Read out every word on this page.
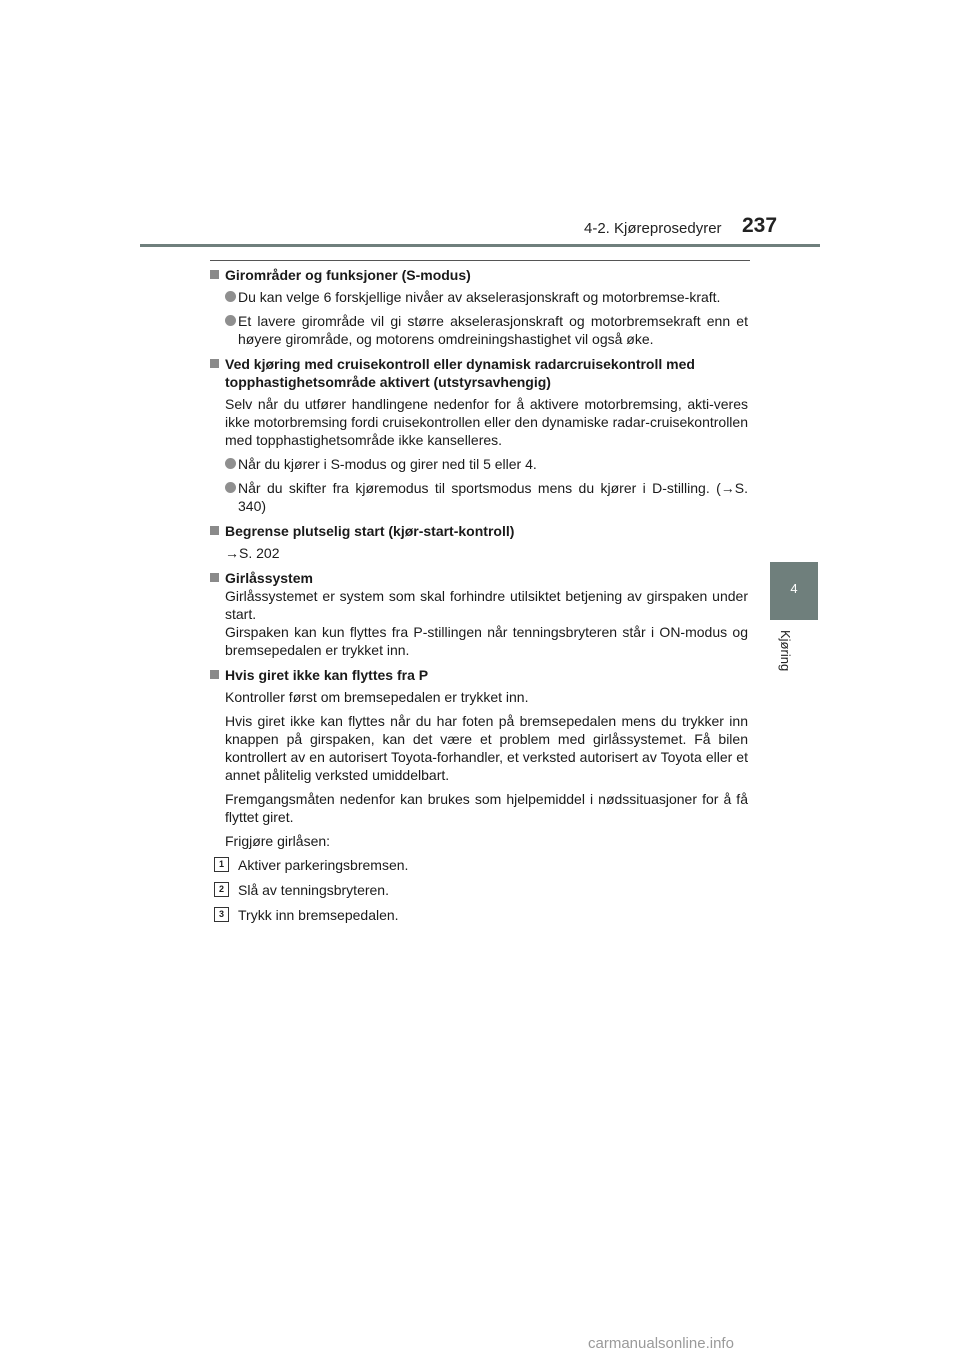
4-2. Kjøreprosedyrer 237
4
Kjøring
Girområder og funksjoner (S-modus)
Du kan velge 6 forskjellige nivåer av akselerasjonskraft og motorbremse-kraft.
Et lavere girområde vil gi større akselerasjonskraft og motorbremsekraft enn et høyere girområde, og motorens omdreiningshastighet vil også øke.
Ved kjøring med cruisekontroll eller dynamisk radarcruisekontroll med topphastighetsområde aktivert (utstyrsavhengig)
Selv når du utfører handlingene nedenfor for å aktivere motorbremsing, akti-veres ikke motorbremsing fordi cruisekontrollen eller den dynamiske radar-cruisekontrollen med topphastighetsområde ikke kanselleres.
Når du kjører i S-modus og girer ned til 5 eller 4.
Når du skifter fra kjøremodus til sportsmodus mens du kjører i D-stilling. (→S. 340)
Begrense plutselig start (kjør-start-kontroll)
→S. 202
Girlåssystem
Girlåssystemet er system som skal forhindre utilsiktet betjening av girspaken under start.
Girspaken kan kun flyttes fra P-stillingen når tenningsbryteren står i ON-modus og bremsepedalen er trykket inn.
Hvis giret ikke kan flyttes fra P
Kontroller først om bremsepedalen er trykket inn.
Hvis giret ikke kan flyttes når du har foten på bremsepedalen mens du trykker inn knappen på girspaken, kan det være et problem med girlåssystemet. Få bilen kontrollert av en autorisert Toyota-forhandler, et verksted autorisert av Toyota eller et annet pålitelig verksted umiddelbart.
Fremgangsmåten nedenfor kan brukes som hjelpemiddel i nødssituasjoner for å få flyttet giret.
Frigjøre girlåsen:
1	Aktiver parkeringsbremsen.
2	Slå av tenningsbryteren.
3	Trykk inn bremsepedalen.
carmanualsonline.info
